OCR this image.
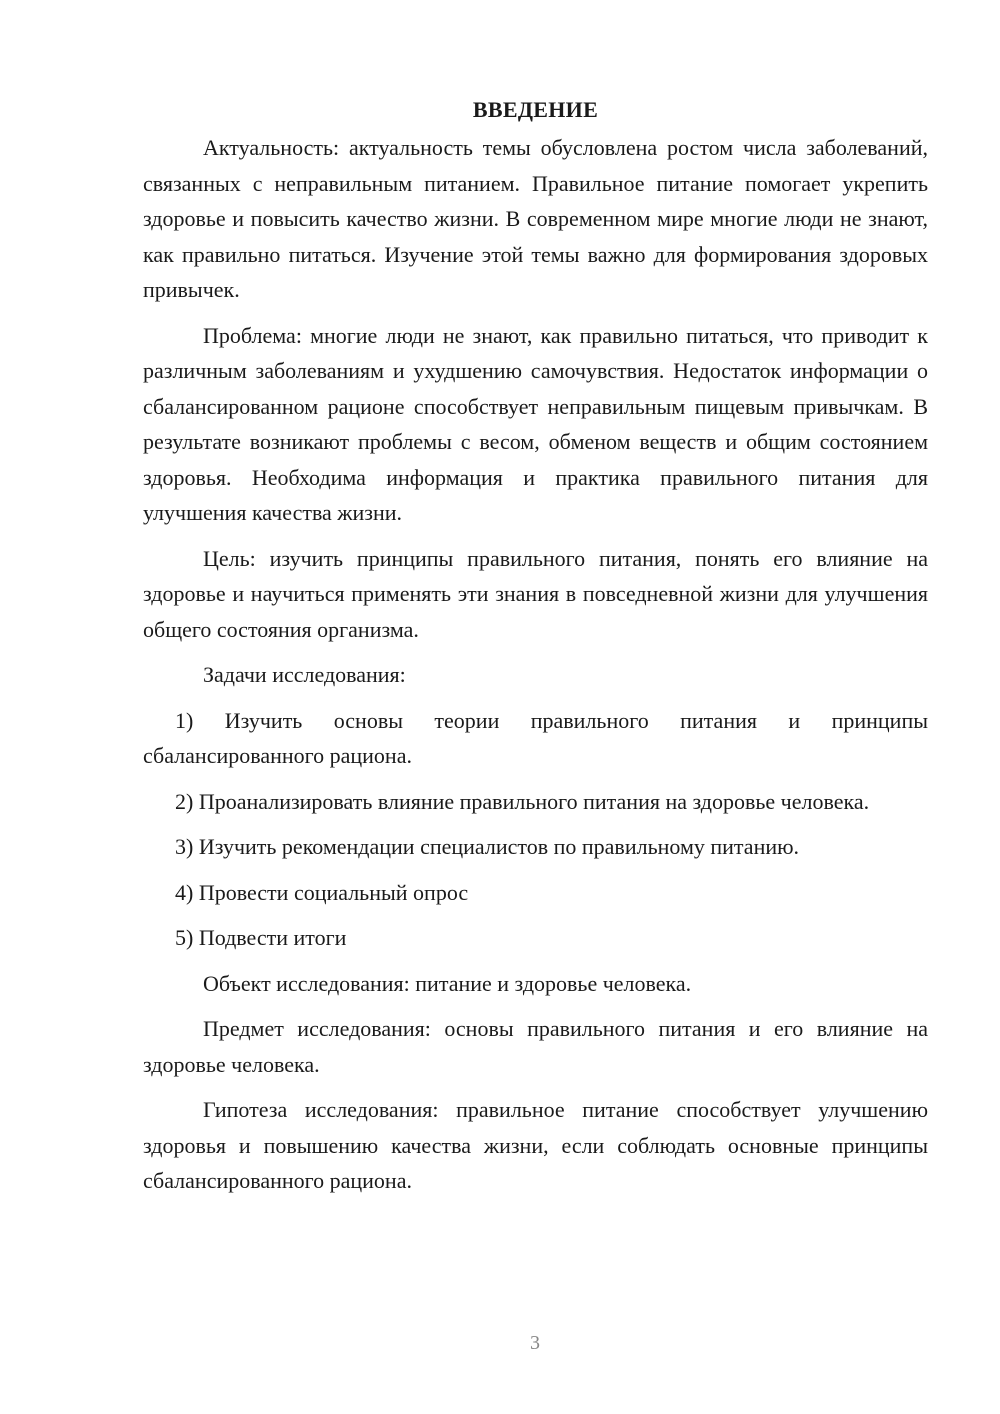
ВВЕДЕНИЕ

Актуальность: актуальность темы обусловлена ростом числа заболеваний, связанных с неправильным питанием. Правильное питание помогает укрепить здоровье и повысить качество жизни. В современном мире многие люди не знают, как правильно питаться. Изучение этой темы важно для формирования здоровых привычек.

Проблема: многие люди не знают, как правильно питаться, что приводит к различным заболеваниям и ухудшению самочувствия. Недостаток информации о сбалансированном рационе способствует неправильным пищевым привычкам. В результате возникают проблемы с весом, обменом веществ и общим состоянием здоровья. Необходима информация и практика правильного питания для улучшения качества жизни.

Цель: изучить принципы правильного питания, понять его влияние на здоровье и научиться применять эти знания в повседневной жизни для улучшения общего состояния организма.

Задачи исследования:

1) Изучить основы теории правильного питания и принципы сбалансированного рациона.

2) Проанализировать влияние правильного питания на здоровье человека.

3) Изучить рекомендации специалистов по правильному питанию.

4) Провести социальный опрос

5) Подвести итоги

Объект исследования: питание и здоровье человека.

Предмет исследования: основы правильного питания и его влияние на здоровье человека.

Гипотеза исследования: правильное питание способствует улучшению здоровья и повышению качества жизни, если соблюдать основные принципы сбалансированного рациона.

3
